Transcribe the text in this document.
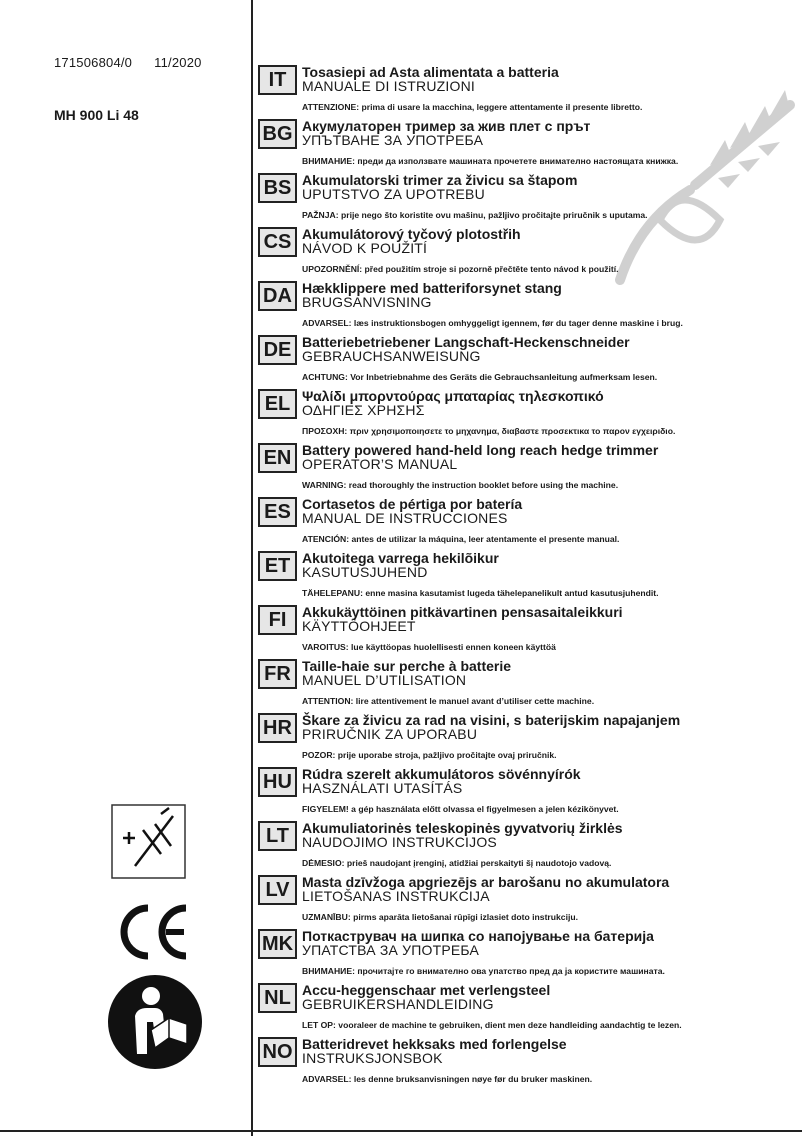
171506804/0 11/2020
MH 900 Li 48
IT	Tosasiepi ad Asta alimentata a batteria
MANUALE DI ISTRUZIONI
ATTENZIONE: prima di usare la macchina, leggere attentamente il presente libretto.
BG Акумулаторен тример за жив плет с прът
УПЪТВАНЕ ЗА УПОТРЕБА
ВНИМАНИЕ: преди да използвате машината прочетете внимателно настоящата книжка.
BS Akumulatorski trimer za živicu sa štapom
UPUTSTVO ZA UPOTREBU
PAŽNJA: prije nego što koristite ovu mašinu, pažljivo pročitajte priručnik s uputama.
CS Akumulátorový tyčový plotostřih
NÁVOD K POUŽITÍ
UPOZORNĚNÍ: před použitím stroje si pozorně přečtěte tento návod k použití.
DA Hækklippere med batteriforsynet stang
BRUGSANVISNING
ADVARSEL: læs instruktionsbogen omhyggeligt igennem, før du tager denne maskine i brug.
DE Batteriebetriebener Langschaft-Heckenschneider
GEBRAUCHSANWEISUNG
ACHTUNG: Vor Inbetriebnahme des Geräts die Gebrauchsanleitung aufmerksam lesen.
EL Ψαλίδι μπορντούρας μπαταρίας τηλεσκοπικό
ΟΔΗΓΙΕΣ ΧΡΗΣΗΣ
ΠΡΟΣΟΧΗ: πριν χρησιμοποιησετε το μηχανημα, διαβαστε προσεκτικα το παρον εγχειριδιο.
EN Battery powered hand-held long reach hedge trimmer
OPERATOR’S MANUAL
WARNING: read thoroughly the instruction booklet before using the machine.
ES Cortasetos de pértiga por batería
MANUAL DE INSTRUCCIONES
ATENCIÓN: antes de utilizar la máquina, leer atentamente el presente manual.
ET Akutoitega varrega hekilõikur
KASUTUSJUHEND
TÄHELEPANU: enne masina kasutamist lugeda tähelepanelikult antud kasutusjuhendit.
FI	Akkukäyttöinen pitkävartinen pensasaitaleikkuri
KÄYTTÖOHJEET
VAROITUS: lue käyttöopas huolellisesti ennen koneen käyttöä
FR Taille-haie sur perche à batterie
MANUEL D’UTILISATION
ATTENTION: lire attentivement le manuel avant d’utiliser cette machine.
HR Škare za živicu za rad na visini, s baterijskim napajanjem
PRIRUČNIK ZA UPORABU
POZOR: prije uporabe stroja, pažljivo pročitajte ovaj priručnik.
HU Rúdra szerelt akkumulátoros sövénnyírók
HASZNÁLATI UTASÍTÁS
FIGYELEM! a gép használata előtt olvassa el figyelmesen a jelen kézikönyvet.
LT Akumuliatorinės teleskopinės gyvatvorių žirklės
NAUDOJIMO INSTRUKCIJOS
DĖMESIO: prieš naudojant įrenginį, atidžiai perskaityti šį naudotojo vadovą.
LV Masta dzīvžoga apgriezējs ar barošanu no akumulatora
LIETOŠANAS INSTRUKCIJA
UZMANĪBU: pirms aparāta lietošanai rūpīgi izlasiet doto instrukciju.
MK Поткаструвач на шипка со напојување на батерија
УПАТСТВА ЗА УПОТРЕБА
ВНИМАНИЕ: прочитајте го внимателно ова упатство пред да ја користите машината.
NL Accu-heggenschaar met verlengsteel
GEBRUIKERSHANDLEIDING
LET OP: vooraleer de machine te gebruiken, dient men deze handleiding aandachtig te lezen.
NO Batteridrevet hekksaks med forlengelse
INSTRUKSJONSBOK
ADVARSEL: les denne bruksanvisningen nøye før du bruker maskinen.
